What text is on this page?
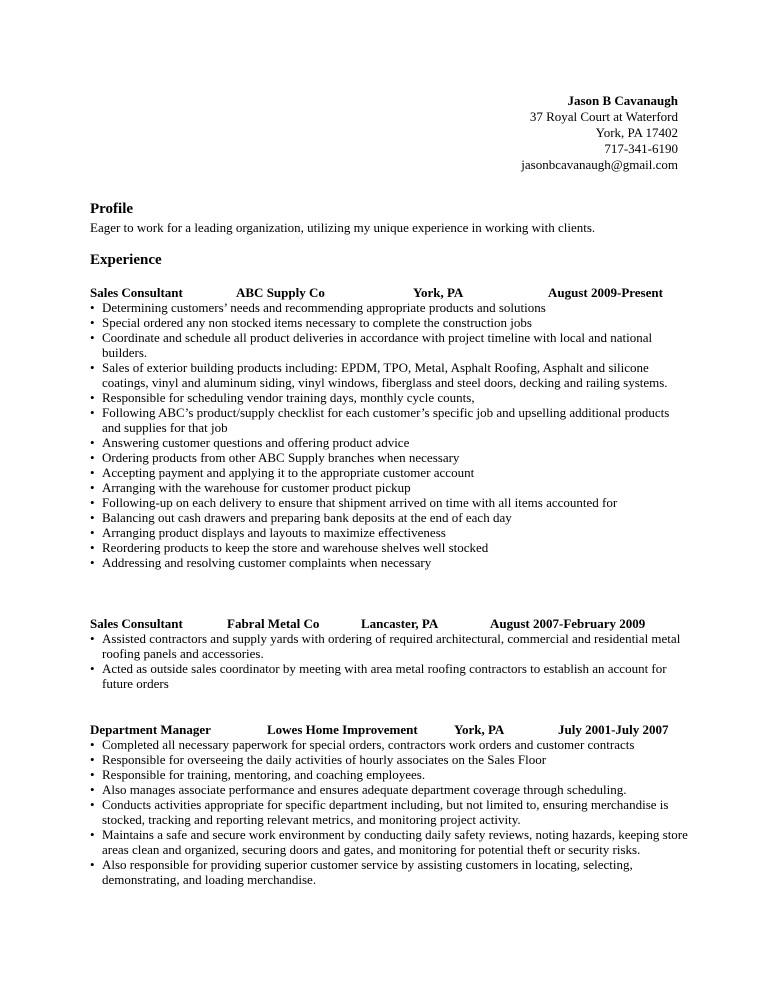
Jason B Cavanaugh
37 Royal Court at Waterford
York, PA 17402
717-341-6190
jasonbcavanaugh@gmail.com
Profile
Eager to work for a leading organization, utilizing my unique experience in working with clients.
Experience
Sales Consultant	ABC Supply Co	York, PA	August 2009-Present
• Determining customers’ needs and recommending appropriate products and solutions
• Special ordered any non stocked items necessary to complete the construction jobs
• Coordinate and schedule all product deliveries in accordance with project timeline with local and national builders.
• Sales of exterior building products including: EPDM, TPO, Metal, Asphalt Roofing, Asphalt and silicone coatings, vinyl and aluminum siding, vinyl windows, fiberglass and steel doors, decking and railing systems.
• Responsible for scheduling vendor training days, monthly cycle counts,
• Following ABC’s product/supply checklist for each customer’s specific job and upselling additional products and supplies for that job
• Answering customer questions and offering product advice
• Ordering products from other ABC Supply branches when necessary
• Accepting payment and applying it to the appropriate customer account
• Arranging with the warehouse for customer product pickup
• Following-up on each delivery to ensure that shipment arrived on time with all items accounted for
• Balancing out cash drawers and preparing bank deposits at the end of each day
• Arranging product displays and layouts to maximize effectiveness
• Reordering products to keep the store and warehouse shelves well stocked
• Addressing and resolving customer complaints when necessary
Sales Consultant	Fabral Metal Co	Lancaster, PA	August 2007-February 2009
• Assisted contractors and supply yards with ordering of required architectural, commercial and residential metal roofing panels and accessories.
• Acted as outside sales coordinator by meeting with area metal roofing contractors to establish an account for future orders
Department Manager	Lowes Home Improvement	York, PA	July 2001-July 2007
• Completed all necessary paperwork for special orders, contractors work orders and customer contracts
• Responsible for overseeing the daily activities of hourly associates on the Sales Floor
• Responsible for training, mentoring, and coaching employees.
• Also manages associate performance and ensures adequate department coverage through scheduling.
• Conducts activities appropriate for specific department including, but not limited to, ensuring merchandise is stocked, tracking and reporting relevant metrics, and monitoring project activity.
• Maintains a safe and secure work environment by conducting daily safety reviews, noting hazards, keeping store areas clean and organized, securing doors and gates, and monitoring for potential theft or security risks.
• Also responsible for providing superior customer service by assisting customers in locating, selecting, demonstrating, and loading merchandise.
